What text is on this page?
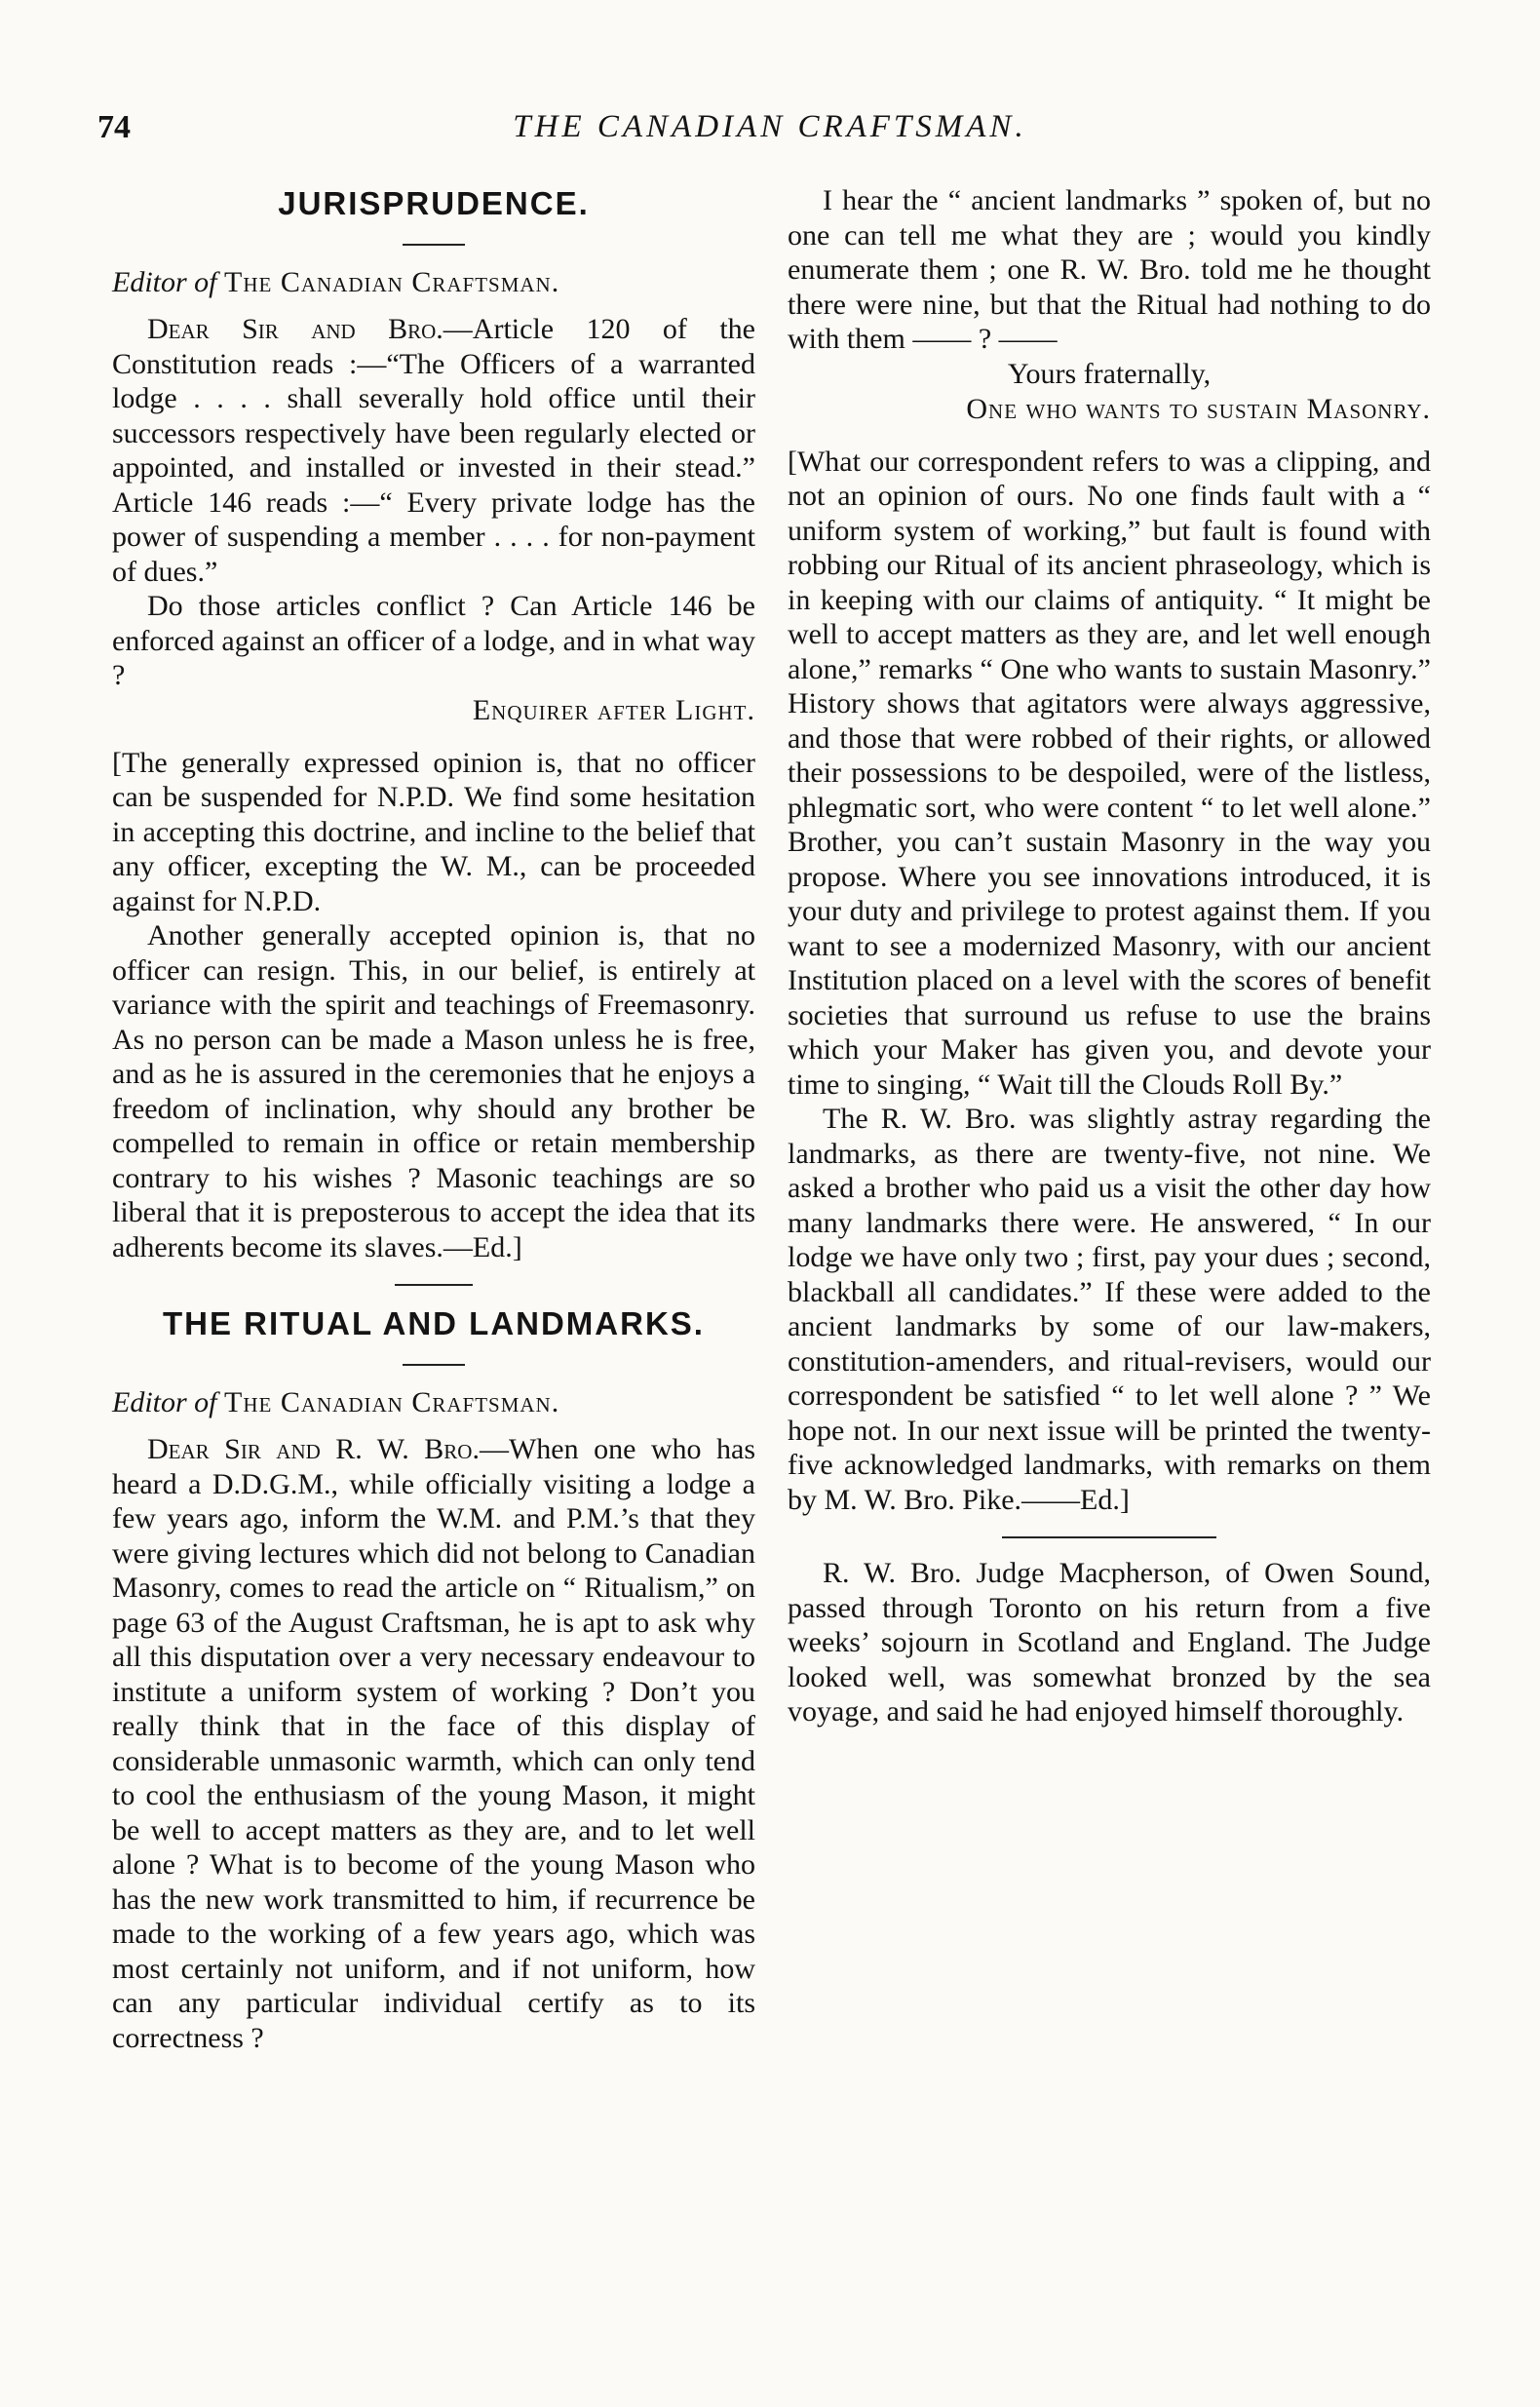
74	THE CANADIAN CRAFTSMAN.
JURISPRUDENCE.
Editor of The Canadian Craftsman.

Dear Sir and Bro.—Article 120 of the Constitution reads :—“The Officers of a warranted lodge . . . . shall severally hold office until their successors respectively have been regularly elected or appointed, and installed or invested in their stead.” Article 146 reads :—“ Every private lodge has the power of suspending a member . . . . for non-payment of dues.”

Do those articles conflict ? Can Article 146 be enforced against an officer of a lodge, and in what way ?

Enquirer after Light.

[The generally expressed opinion is, that no officer can be suspended for N.P.D. We find some hesitation in accepting this doctrine, and incline to the belief that any officer, excepting the W. M., can be proceeded against for N.P.D.

Another generally accepted opinion is, that no officer can resign. This, in our belief, is entirely at variance with the spirit and teachings of Freemasonry. As no person can be made a Mason unless he is free, and as he is assured in the ceremonies that he enjoys a freedom of inclination, why should any brother be compelled to remain in office or retain membership contrary to his wishes ? Masonic teachings are so liberal that it is preposterous to accept the idea that its adherents become its slaves.—Ed.]

THE RITUAL AND LANDMARKS.
Editor of The Canadian Craftsman.

Dear Sir and R. W. Bro.—When one who has heard a D.D.G.M., while officially visiting a lodge a few years ago, inform the W.M. and P.M.’s that they were giving lectures which did not belong to Canadian Masonry, comes to read the article on “ Ritualism,” on page 63 of the August Craftsman, he is apt to ask why all this disputation over a very necessary endeavour to institute a uniform system of working ? Don’t you really think that in the face of this display of considerable unmasonic warmth, which can only tend to cool the enthusiasm of the young Mason, it might be well to accept matters as they are, and to let well alone ? What is to become of the young Mason who has the new work transmitted to him, if recurrence be made to the working of a few years ago, which was most certainly not uniform, and if not uniform, how can any particular individual certify as to its correctness ?

I hear the “ ancient landmarks ” spoken of, but no one can tell me what they are ; would you kindly enumerate them ; one R. W. Bro. told me he thought there were nine, but that the Ritual had nothing to do with them —— ? ——

Yours fraternally,
One who wants to sustain Masonry.

[What our correspondent refers to was a clipping, and not an opinion of ours. No one finds fault with a “ uniform system of working,” but fault is found with robbing our Ritual of its ancient phraseology, which is in keeping with our claims of antiquity. “ It might be well to accept matters as they are, and let well enough alone,” remarks “ One who wants to sustain Masonry.” History shows that agitators were always aggressive, and those that were robbed of their rights, or allowed their possessions to be despoiled, were of the listless, phlegmatic sort, who were content “ to let well alone.” Brother, you can’t sustain Masonry in the way you propose. Where you see innovations introduced, it is your duty and privilege to protest against them. If you want to see a modernized Masonry, with our ancient Institution placed on a level with the scores of benefit societies that surround us refuse to use the brains which your Maker has given you, and devote your time to singing, “ Wait till the Clouds Roll By.”

The R. W. Bro. was slightly astray regarding the landmarks, as there are twenty-five, not nine. We asked a brother who paid us a visit the other day how many landmarks there were. He answered, “ In our lodge we have only two ; first, pay your dues ; second, blackball all candidates.” If these were added to the ancient landmarks by some of our law-makers, constitution-amenders, and ritual-revisers, would our correspondent be satisfied “ to let well alone ? ” We hope not. In our next issue will be printed the twenty-five acknowledged landmarks, with remarks on them by M. W. Bro. Pike.——Ed.]

R. W. Bro. Judge Macpherson, of Owen Sound, passed through Toronto on his return from a five weeks’ sojourn in Scotland and England. The Judge looked well, was somewhat bronzed by the sea voyage, and said he had enjoyed himself thoroughly.
